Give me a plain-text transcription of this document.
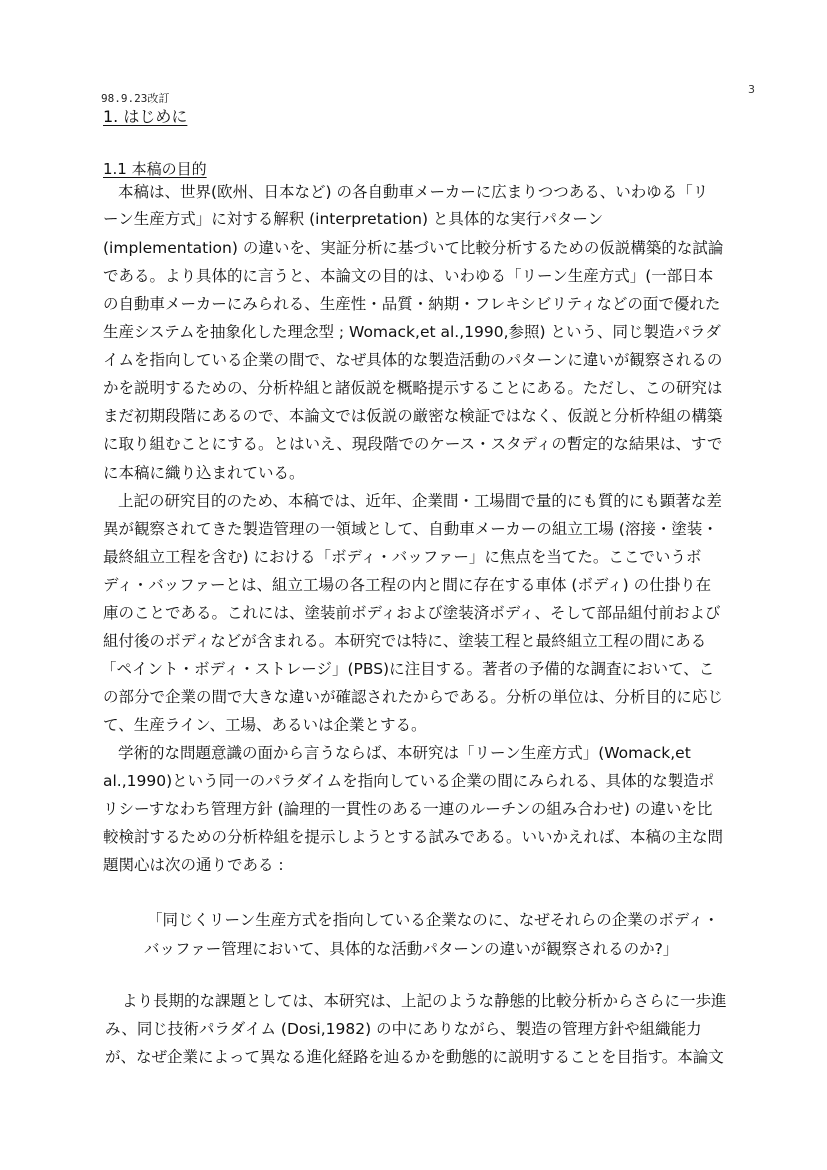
98.9.23改訂
3
1. はじめに
1.1 本稿の目的
本稿は、世界(欧州、日本など) の各自動車メーカーに広まりつつある、いわゆる「リ
ーン生産方式」に対する解釈 (interpretation) と具体的な実行パターン
(implementation) の違いを、実証分析に基づいて比較分析するための仮説構築的な試論
である。より具体的に言うと、本論文の目的は、いわゆる「リーン生産方式」(一部日本
の自動車メーカーにみられる、生産性・品質・納期・フレキシビリティなどの面で優れた
生産システムを抽象化した理念型 ; Womack,et al.,1990,参照) という、同じ製造パラダ
イムを指向している企業の間で、なぜ具体的な製造活動のパターンに違いが観察されるの
かを説明するための、分析枠組と諸仮説を概略提示することにある。ただし、この研究は
まだ初期段階にあるので、本論文では仮説の厳密な検証ではなく、仮説と分析枠組の構築
に取り組むことにする。とはいえ、現段階でのケース・スタディの暫定的な結果は、すで
に本稿に織り込まれている。
上記の研究目的のため、本稿では、近年、企業間・工場間で量的にも質的にも顕著な差
異が観察されてきた製造管理の一領域として、自動車メーカーの組立工場 (溶接・塗装・
最終組立工程を含む) における「ボディ・バッファー」に焦点を当てた。ここでいうボ
ディ・バッファーとは、組立工場の各工程の内と間に存在する車体 (ボディ) の仕掛り在
庫のことである。これには、塗装前ボディおよび塗装済ボディ、そして部品組付前および
組付後のボディなどが含まれる。本研究では特に、塗装工程と最終組立工程の間にある
「ペイント・ボディ・ストレージ」(PBS)に注目する。著者の予備的な調査において、こ
の部分で企業の間で大きな違いが確認されたからである。分析の単位は、分析目的に応じ
て、生産ライン、工場、あるいは企業とする。
学術的な問題意識の面から言うならば、本研究は「リーン生産方式」(Womack,et
al.,1990)という同一のパラダイムを指向している企業の間にみられる、具体的な製造ポ
リシーすなわち管理方針 (論理的一貫性のある一連のルーチンの組み合わせ) の違いを比
較検討するための分析枠組を提示しようとする試みである。いいかえれば、本稿の主な問
題関心は次の通りである :
「同じくリーン生産方式を指向している企業なのに、なぜそれらの企業のボディ・
バッファー管理において、具体的な活動パターンの違いが観察されるのか?」
より長期的な課題としては、本研究は、上記のような静態的比較分析からさらに一歩進
み、同じ技術パラダイム (Dosi,1982) の中にありながら、製造の管理方針や組織能力
が、なぜ企業によって異なる進化経路を辿るかを動態的に説明することを目指す。本論文
